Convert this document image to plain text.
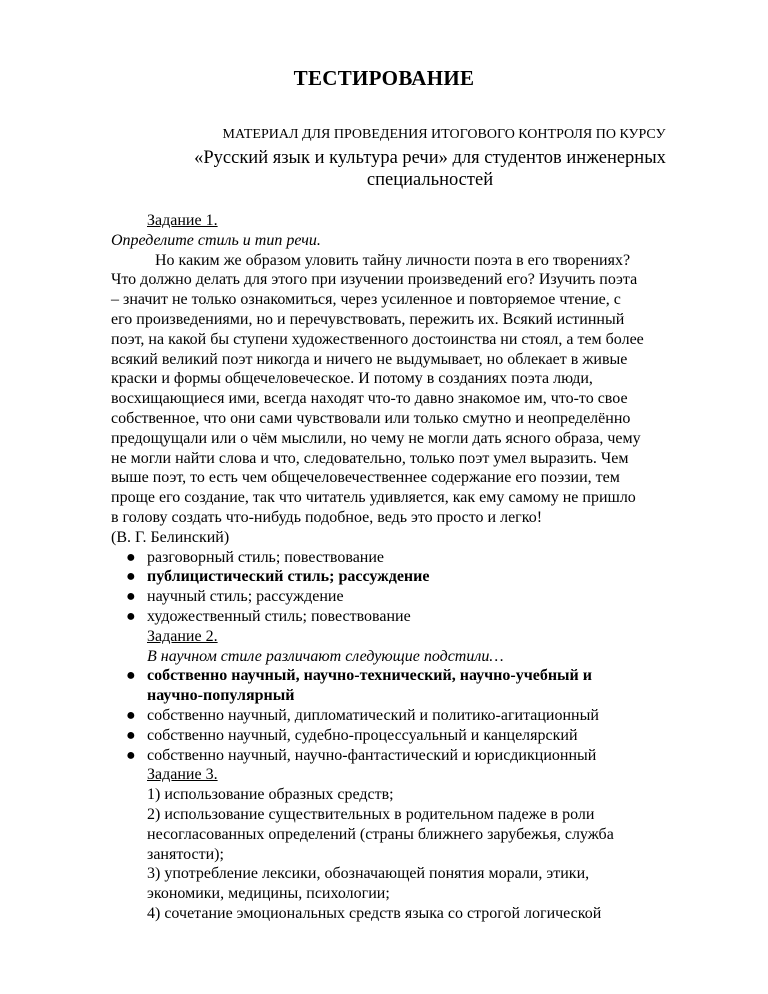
ТЕСТИРОВАНИЕ
МАТЕРИАЛ ДЛЯ ПРОВЕДЕНИЯ ИТОГОВОГО КОНТРОЛЯ ПО КУРСУ
«Русский язык и культура речи» для студентов инженерных
специальностей
Задание 1.
Определите стиль и тип речи.
Но каким же образом уловить тайну личности поэта в его творениях?
Что должно делать для этого при изучении произведений его? Изучить поэта
– значит не только ознакомиться, через усиленное и повторяемое чтение, с
его произведениями, но и перечувствовать, пережить их. Всякий истинный
поэт, на какой бы ступени художественного достоинства ни стоял, а тем более
всякий великий поэт никогда и ничего не выдумывает, но облекает в живые
краски и формы общечеловеческое. И потому в созданиях поэта люди,
восхищающиеся ими, всегда находят что-то давно знакомое им, что-то свое
собственное, что они сами чувствовали или только смутно и неопределённо
предощущали или о чём мыслили, но чему не могли дать ясного образа, чему
не могли найти слова и что, следовательно, только поэт умел выразить. Чем
выше поэт, то есть чем общечеловечественнее содержание его поэзии, тем
проще его создание, так что читатель удивляется, как ему самому не пришло
в голову создать что-нибудь подобное, ведь это просто и легко!
(В. Г. Белинский)
● разговорный стиль; повествование
● публицистический стиль; рассуждение
● научный стиль; рассуждение
● художественный стиль; повествование
Задание 2.
В научном стиле различают следующие подстили…
● собственно научный, научно-технический, научно-учебный и
научно-популярный
● собственно научный, дипломатический и политико-агитационный
● собственно научный, судебно-процессуальный и канцелярский
● собственно научный, научно-фантастический и юрисдикционный
Задание 3.
1) использование образных средств;
2) использование существительных в родительном падеже в роли
несогласованных определений (страны ближнего зарубежья, служба
занятости);
3) употребление лексики, обозначающей понятия морали, этики,
экономики, медицины, психологии;
4) сочетание эмоциональных средств языка со строгой логической
